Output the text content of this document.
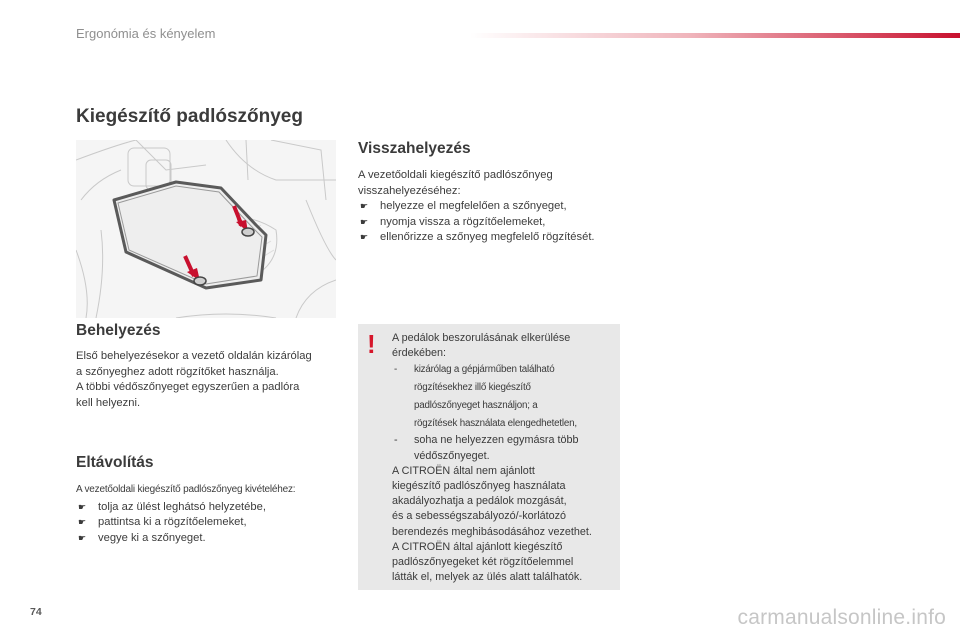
Ergonómia és kényelem
Kiegészítő padlószőnyeg
Behelyezés
Első behelyezésekor a vezető oldalán kizárólag
a szőnyeghez adott rögzítőket használja.
A többi védőszőnyeget egyszerűen a padlóra
kell helyezni.
Eltávolítás
A vezetőoldali kiegészítő padlószőnyeg kivételéhez:
☛ tolja az ülést leghátsó helyzetébe,
☛ pattintsa ki a rögzítőelemeket,
☛ vegye ki a szőnyeget.
Visszahelyezés
A vezetőoldali kiegészítő padlószőnyeg
visszahelyezéséhez:
☛ helyezze el megfelelően a szőnyeget,
☛ nyomja vissza a rögzítőelemeket,
☛ ellenőrizze a szőnyeg megfelelő rögzítését.
! A pedálok beszorulásának elkerülése
érdekében:
- kizárólag a gépjárműben található
rögzítésekhez illő kiegészítő
padlószőnyeget használjon; a
rögzítések használata elengedhetetlen,
- soha ne helyezzen egymásra több
védőszőnyeget.
A CITROËN által nem ajánlott
kiegészítő padlószőnyeg használata
akadályozhatja a pedálok mozgását,
és a sebességszabályozó/-korlátozó
berendezés meghibásodásához vezethet.
A CITROËN által ajánlott kiegészítő
padlószőnyegeket két rögzítőelemmel
látták el, melyek az ülés alatt találhatók.
74	carmanualsonline.info
